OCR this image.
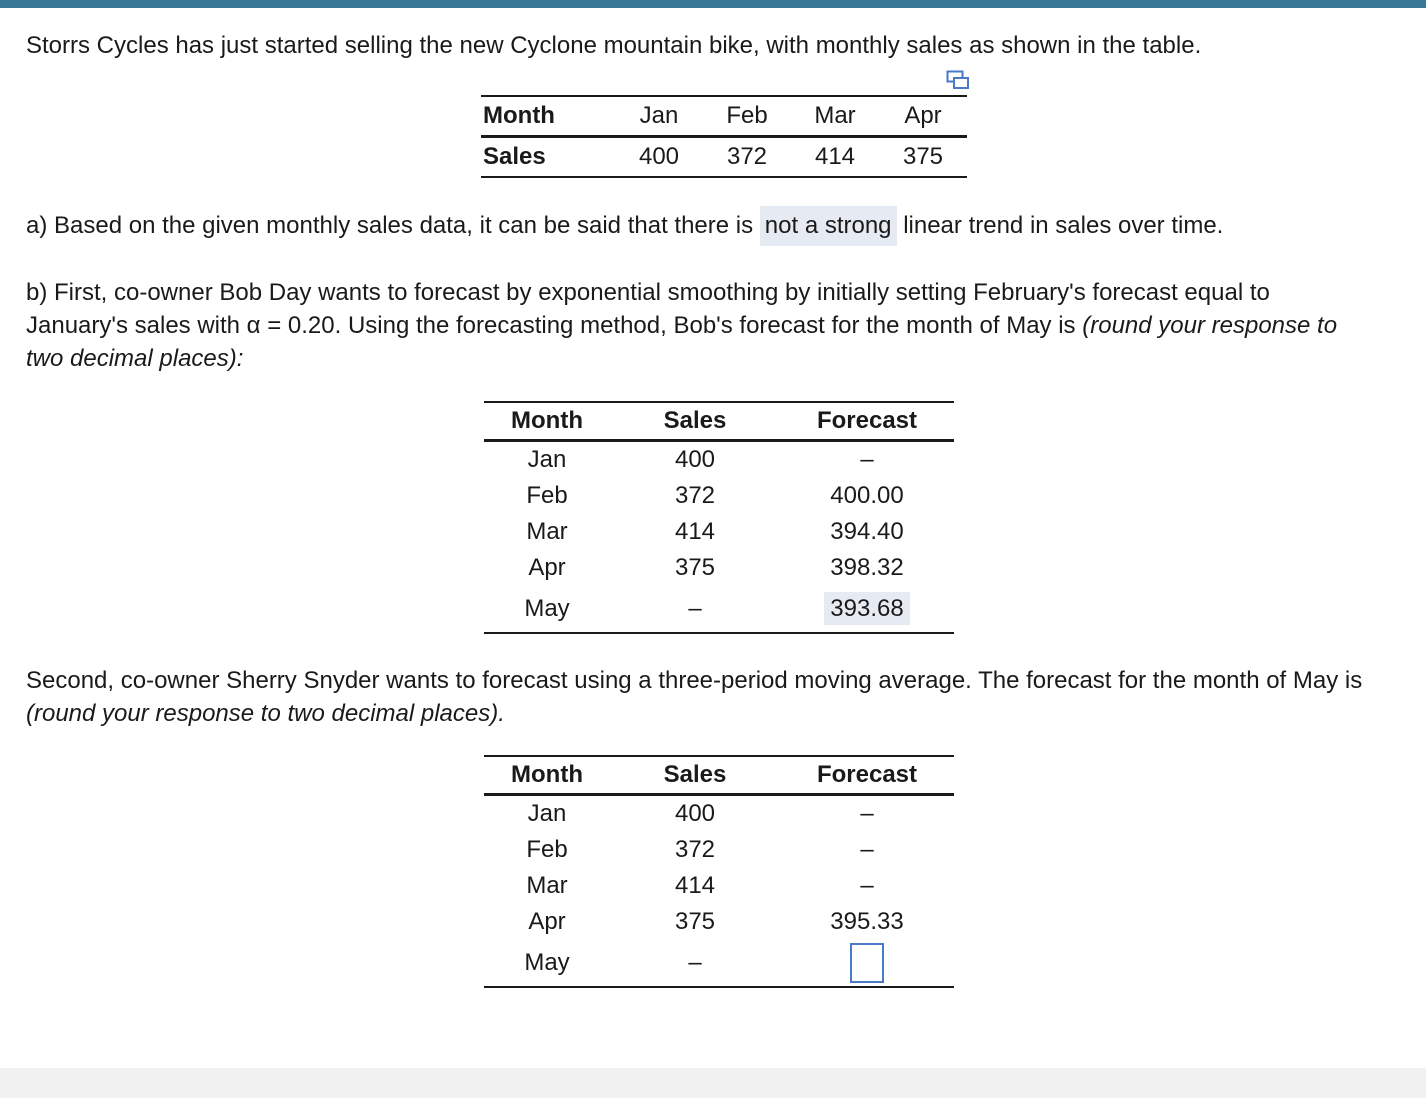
Storrs Cycles has just started selling the new Cyclone mountain bike, with monthly sales as shown in the table.

Month	Jan	Feb	Mar	Apr
Sales	400	372	414	375

a) Based on the given monthly sales data, it can be said that there is not a strong linear trend in sales over time.

b) First, co-owner Bob Day wants to forecast by exponential smoothing by initially setting February's forecast equal to January's sales with α = 0.20. Using the forecasting method, Bob's forecast for the month of May is (round your response to two decimal places):

Month	Sales	Forecast
Jan	400	–
Feb	372	400.00
Mar	414	394.40
Apr	375	398.32
May	–	393.68

Second, co-owner Sherry Snyder wants to forecast using a three-period moving average. The forecast for the month of May is (round your response to two decimal places).

Month	Sales	Forecast
Jan	400	–
Feb	372	–
Mar	414	–
Apr	375	395.33
May	–	
